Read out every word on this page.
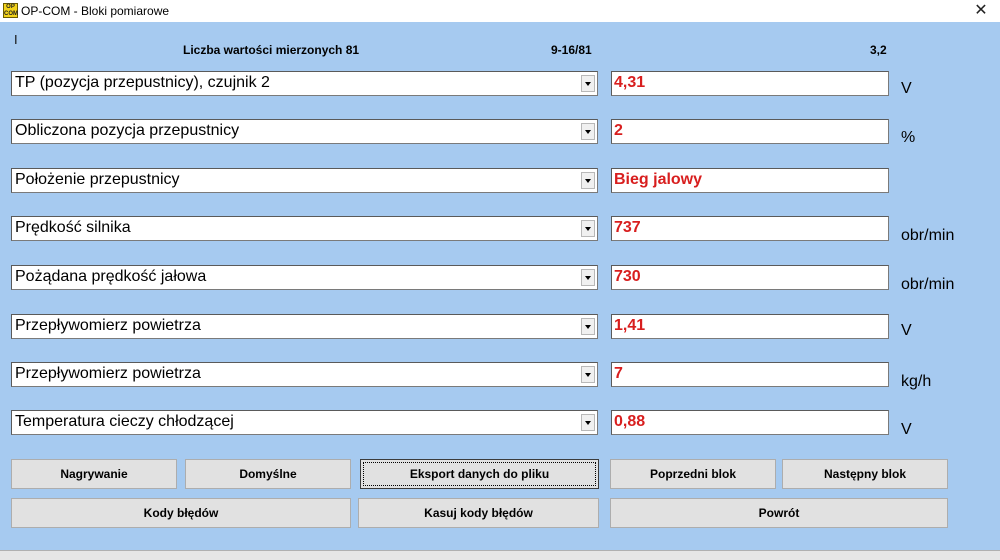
OP COM OP-COM - Bloki pomiarowe	✕
I
Liczba wartości mierzonych 81	9-16/81	3,2
TP (pozycja przepustnicy), czujnik 2	4,31	V
Obliczona pozycja przepustnicy	2	%
Położenie przepustnicy	Bieg jalowy
Prędkość silnika	737	obr/min
Pożądana prędkość jałowa	730	obr/min
Przepływomierz powietrza	1,41	V
Przepływomierz powietrza	7	kg/h
Temperatura cieczy chłodzącej	0,88	V
Nagrywanie	Domyślne	Eksport danych do pliku	Poprzedni blok	Następny blok
Kody błędów	Kasuj kody błędów	Powrót
